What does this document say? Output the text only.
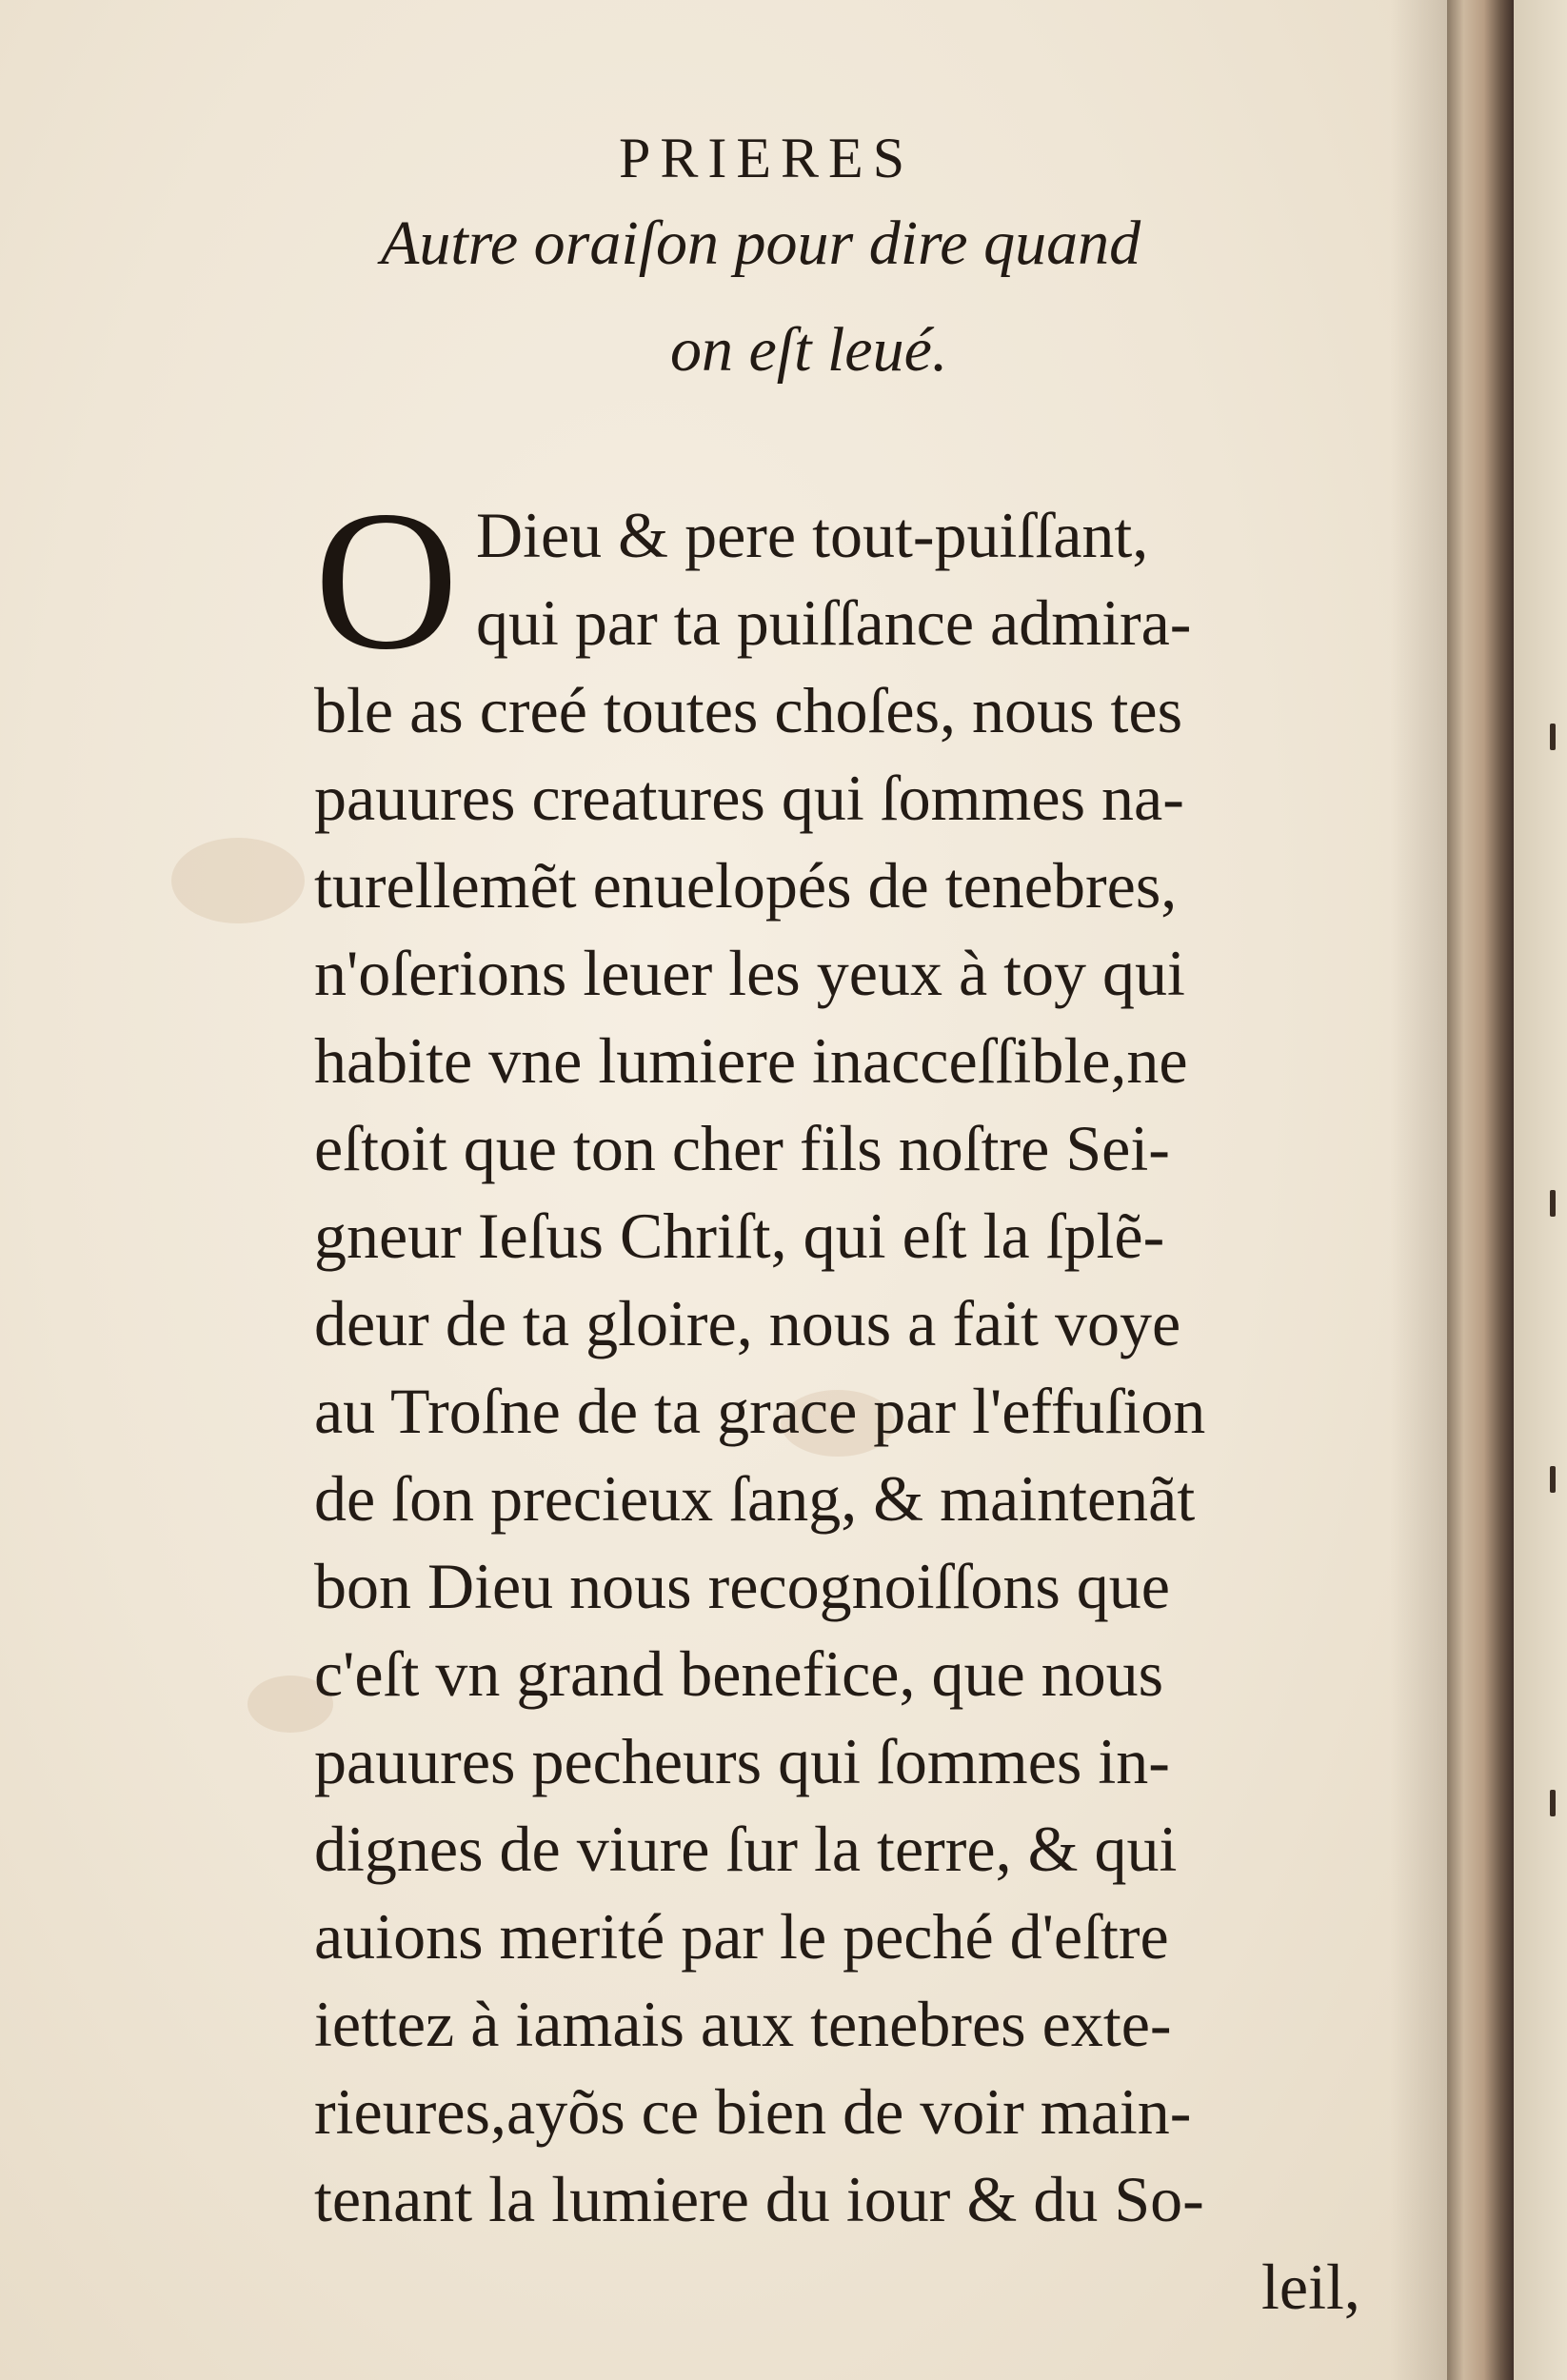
PRIERES
Autre oraiſon pour dire quand
on eſt leué.
O Dieu & pere tout-puiſſant,
qui par ta puiſſance admira-
ble as creé toutes choſes, nous tes
pauures creatures qui ſommes na-
turellemẽt enuelopés de tenebres,
n'oſerions leuer les yeux à toy qui
habite vne lumiere inacceſſible,ne
eſtoit que ton cher fils noſtre Sei-
gneur Ieſus Chriſt, qui eſt la ſplẽ-
deur de ta gloire, nous a fait voye
au Troſne de ta grace par l'effuſion
de ſon precieux ſang, & maintenãt
bon Dieu nous recognoiſſons que
c'eſt vn grand benefice, que nous
pauures pecheurs qui ſommes in-
dignes de viure ſur la terre, & qui
auions merité par le peché d'eſtre
iettez à iamais aux tenebres exte-
rieures,ayõs ce bien de voir main-
tenant la lumiere du iour & du So-
leil,
